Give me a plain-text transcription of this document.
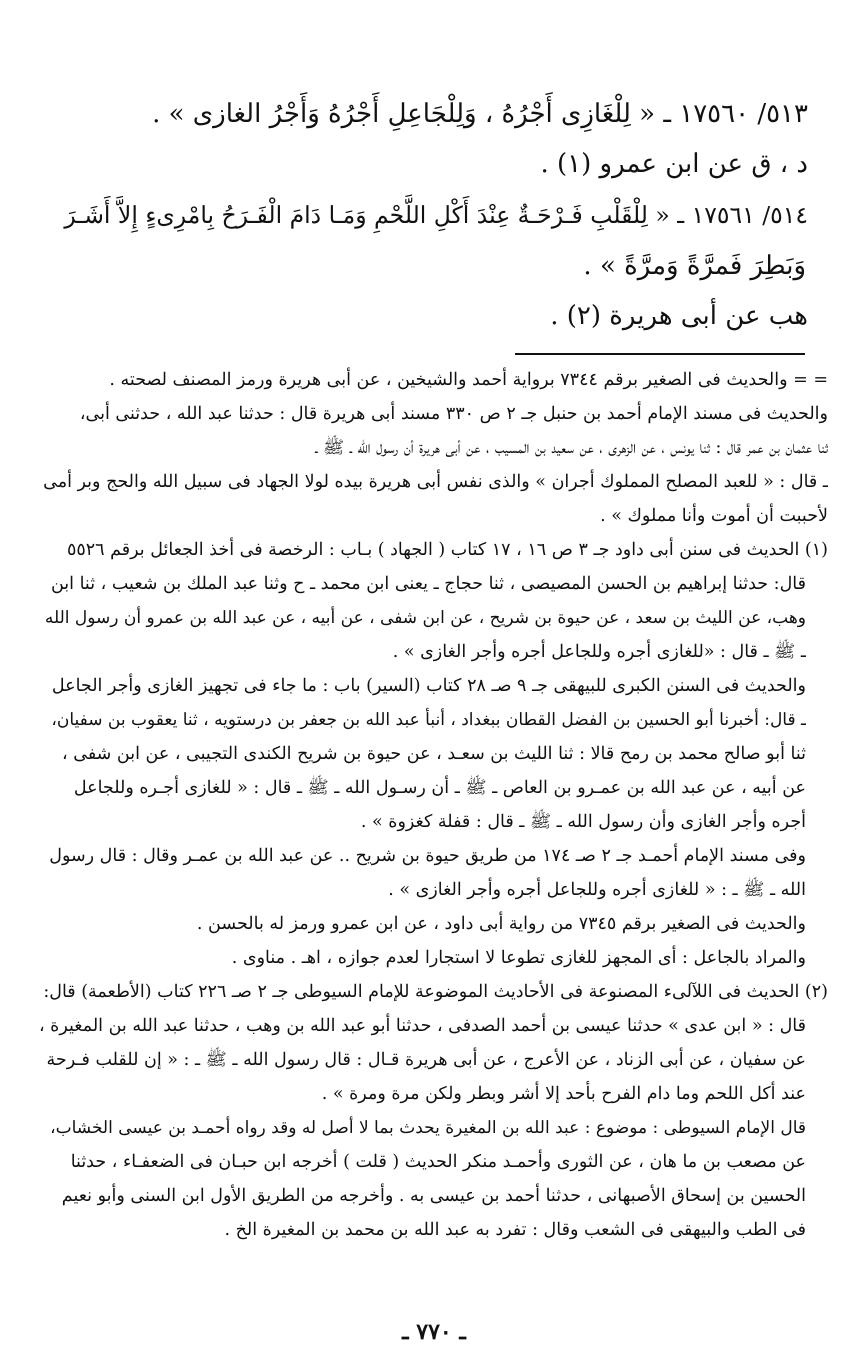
٥١٣/ ١٧٥٦٠ ـ « لِلْغَازِى أَجْرُهُ ، وَلِلْجَاعِلِ أَجْرُهُ وَأَجْرُ الغازى » .
د ، ق عن ابن عمرو (١) .
٥١٤/ ١٧٥٦١ ـ « لِلْقَلْبِ فَـرْحَـةٌ عِنْدَ أَكْلِ اللَّحْمِ وَمَـا دَامَ الْفَـرَحُ بِامْرِىءٍ إِلاَّ أَشَـرَ
وَبَطِرَ فَمرَّةً وَمرَّةً » .
هب عن أبى هريرة (٢) .
= = والحديث فى الصغير برقم ٧٣٤٤ برواية أحمد والشيخين ، عن أبى هريرة ورمز المصنف لصحته .
والحديث فى مسند الإمام أحمد بن حنبل جـ ٢ ص ٣٣٠ مسند أبى هريرة قال : حدثنا عبد الله ، حدثنى أبى،
ثنا عثمان بن عمر قال : ثنا يونس ، عن الزهرى ، عن سعيد بن المسيب ، عن أبى هريرة أن رسول الله ـ ﷺ ـ
ـ قال : « للعبد المصلح المملوك أجران » والذى نفس أبى هريرة بيده لولا الجهاد فى سبيل الله والحج وبر أمى
لأحببت أن أموت وأنا مملوك » .
(١) الحديث فى سنن أبى داود جـ ٣ ص ١٦ ، ١٧ كتاب ( الجهاد ) بـاب : الرخصة فى أخذ الجعائل برقم ٥٥٢٦
قال: حدثنا إبراهيم بن الحسن المصيصى ، ثنا حجاج ـ يعنى ابن محمد ـ ح وثنا عبد الملك بن شعيب ، ثنا ابن
وهب، عن الليث بن سعد ، عن حيوة بن شريح ، عن ابن شفى ، عن أبيه ، عن عبد الله بن عمرو أن رسول الله
ـ ﷺ ـ قال : «للغازى أجره وللجاعل أجره وأجر الغازى » .
والحديث فى السنن الكبرى للبيهقى جـ ٩ صـ ٢٨ كتاب (السير) باب : ما جاء فى تجهيز الغازى وأجر الجاعل
ـ قال: أخبرنا أبو الحسين بن الفضل القطان ببغداد ، أنبأ عبد الله بن جعفر بن درستويه ، ثنا يعقوب بن سفيان،
ثنا أبو صالح محمد بن رمح قالا : ثنا الليث بن سعـد ، عن حيوة بن شريح الكندى التجيبى ، عن ابن شفى ،
عن أبيه ، عن عبد الله بن عمـرو بن العاص ـ ﷺ ـ أن رسـول الله ـ ﷺ ـ قال : « للغازى أجـره وللجاعل
أجره وأجر الغازى وأن رسول الله ـ ﷺ ـ قال : قفلة كغزوة » .
وفى مسند الإمام أحمـد جـ ٢ صـ ١٧٤ من طريق حيوة بن شريح .. عن عبد الله بن عمـر وقال : قال رسول
الله ـ ﷺ ـ : « للغازى أجره وللجاعل أجره وأجر الغازى » .
والحديث فى الصغير برقم ٧٣٤٥ من رواية أبى داود ، عن ابن عمرو ورمز له بالحسن .
والمراد بالجاعل : أى المجهز للغازى تطوعا لا استجارا لعدم جوازه ، اهـ . مناوى .
(٢) الحديث فى اللآلىء المصنوعة فى الأحاديث الموضوعة للإمام السيوطى جـ ٢ صـ ٢٢٦ كتاب (الأطعمة) قال:
قال : « ابن عدى » حدثنا عيسى بن أحمد الصدفى ، حدثنا أبو عبد الله بن وهب ، حدثنا عبد الله بن المغيرة ،
عن سفيان ، عن أبى الزناد ، عن الأعرج ، عن أبى هريرة قـال : قال رسول الله ـ ﷺ ـ : « إن للقلب فـرحة
عند أكل اللحم وما دام الفرح بأحد إلا أشر وبطر ولكن مرة ومرة » .
قال الإمام السيوطى : موضوع : عبد الله بن المغيرة يحدث بما لا أصل له وقد رواه أحمـد بن عيسى الخشاب،
عن مصعب بن ما هان ، عن الثورى وأحمـد منكر الحديث ( قلت ) أخرجه ابن حبـان فى الضعفـاء ، حدثنا
الحسين بن إسحاق الأصبهانى ، حدثنا أحمد بن عيسى به . وأخرجه من الطريق الأول ابن السنى وأبو نعيم
فى الطب والبيهقى فى الشعب وقال : تفرد به عبد الله بن محمد بن المغيرة الخ .
ـ ٧٧٠ ـ
